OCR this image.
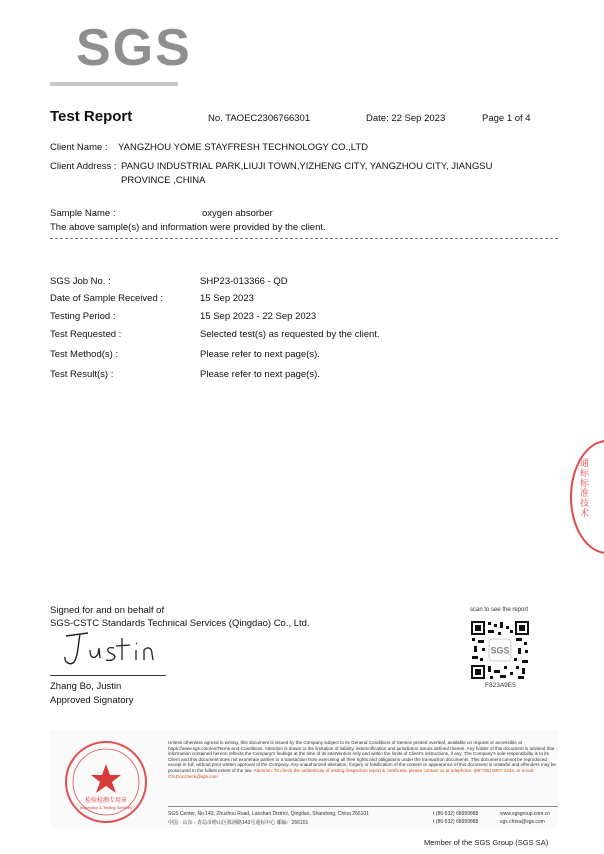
SGS
Test Report	No. TAOEC2306766301	Date: 22 Sep 2023	Page 1 of 4
Client Name : YANGZHOU YOME STAYFRESH TECHNOLOGY CO.,LTD
Client Address : PANGU INDUSTRIAL PARK,LIUJI TOWN,YIZHENG CITY, YANGZHOU CITY, JIANGSU
PROVINCE ,CHINA
Sample Name :	oxygen absorber
The above sample(s) and information were provided by the client.
SGS Job No. :	SHP23-013366 - QD
Date of Sample Received :	15 Sep 2023
Testing Period :	15 Sep 2023 - 22 Sep 2023
Test Requested :	Selected test(s) as requested by the client.
Test Method(s) :	Please refer to next page(s).
Test Result(s) :	Please refer to next page(s).
通标标准技术
Signed for and on behalf of
SGS-CSTC Standards Technical Services (Qingdao) Co., Ltd.
Zhang Bo, Justin
Approved Signatory
scan to see the report
SGS
F823A9E5
检验检测专用章
Inspection & Testing Services
Unless otherwise agreed in writing, this document is issued by the Company subject to its General Conditions of Service printed overleaf, available on request or accessible at https://www.sgs.com/en/Terms-and-Conditions. Attention is drawn to the limitation of liability, indemnification and jurisdiction issues defined therein. Any holder of this document is advised that information contained hereon reflects the Company's findings at the time of its intervention only and within the limits of Client's instructions, if any. The Company's sole responsibility is to its Client and this document does not exonerate parties to a transaction from exercising all their rights and obligations under the transaction documents. This document cannot be reproduced except in full, without prior written approval of the Company. Any unauthorized alteration, forgery or falsification of the content or appearance of this document is unlawful and offenders may be prosecuted to the fullest extent of the law. Attention: To check the authenticity of testing /inspection report & certificate, please contact us at telephone: (86-755) 8307 1443, or email: CN.Doccheck@sgs.com
SGS Center, No.143, Zhuzhou Road, Laoshan District, Qingdao, Shandong, China 266101
中国 · 山东 · 青岛市崂山区株洲路143号通标中心 邮编：266101
t (86-532) 68999888
t (86-532) 68999888
www.sgsgroup.com.cn
sgs.china@sgs.com
Member of the SGS Group (SGS SA)
